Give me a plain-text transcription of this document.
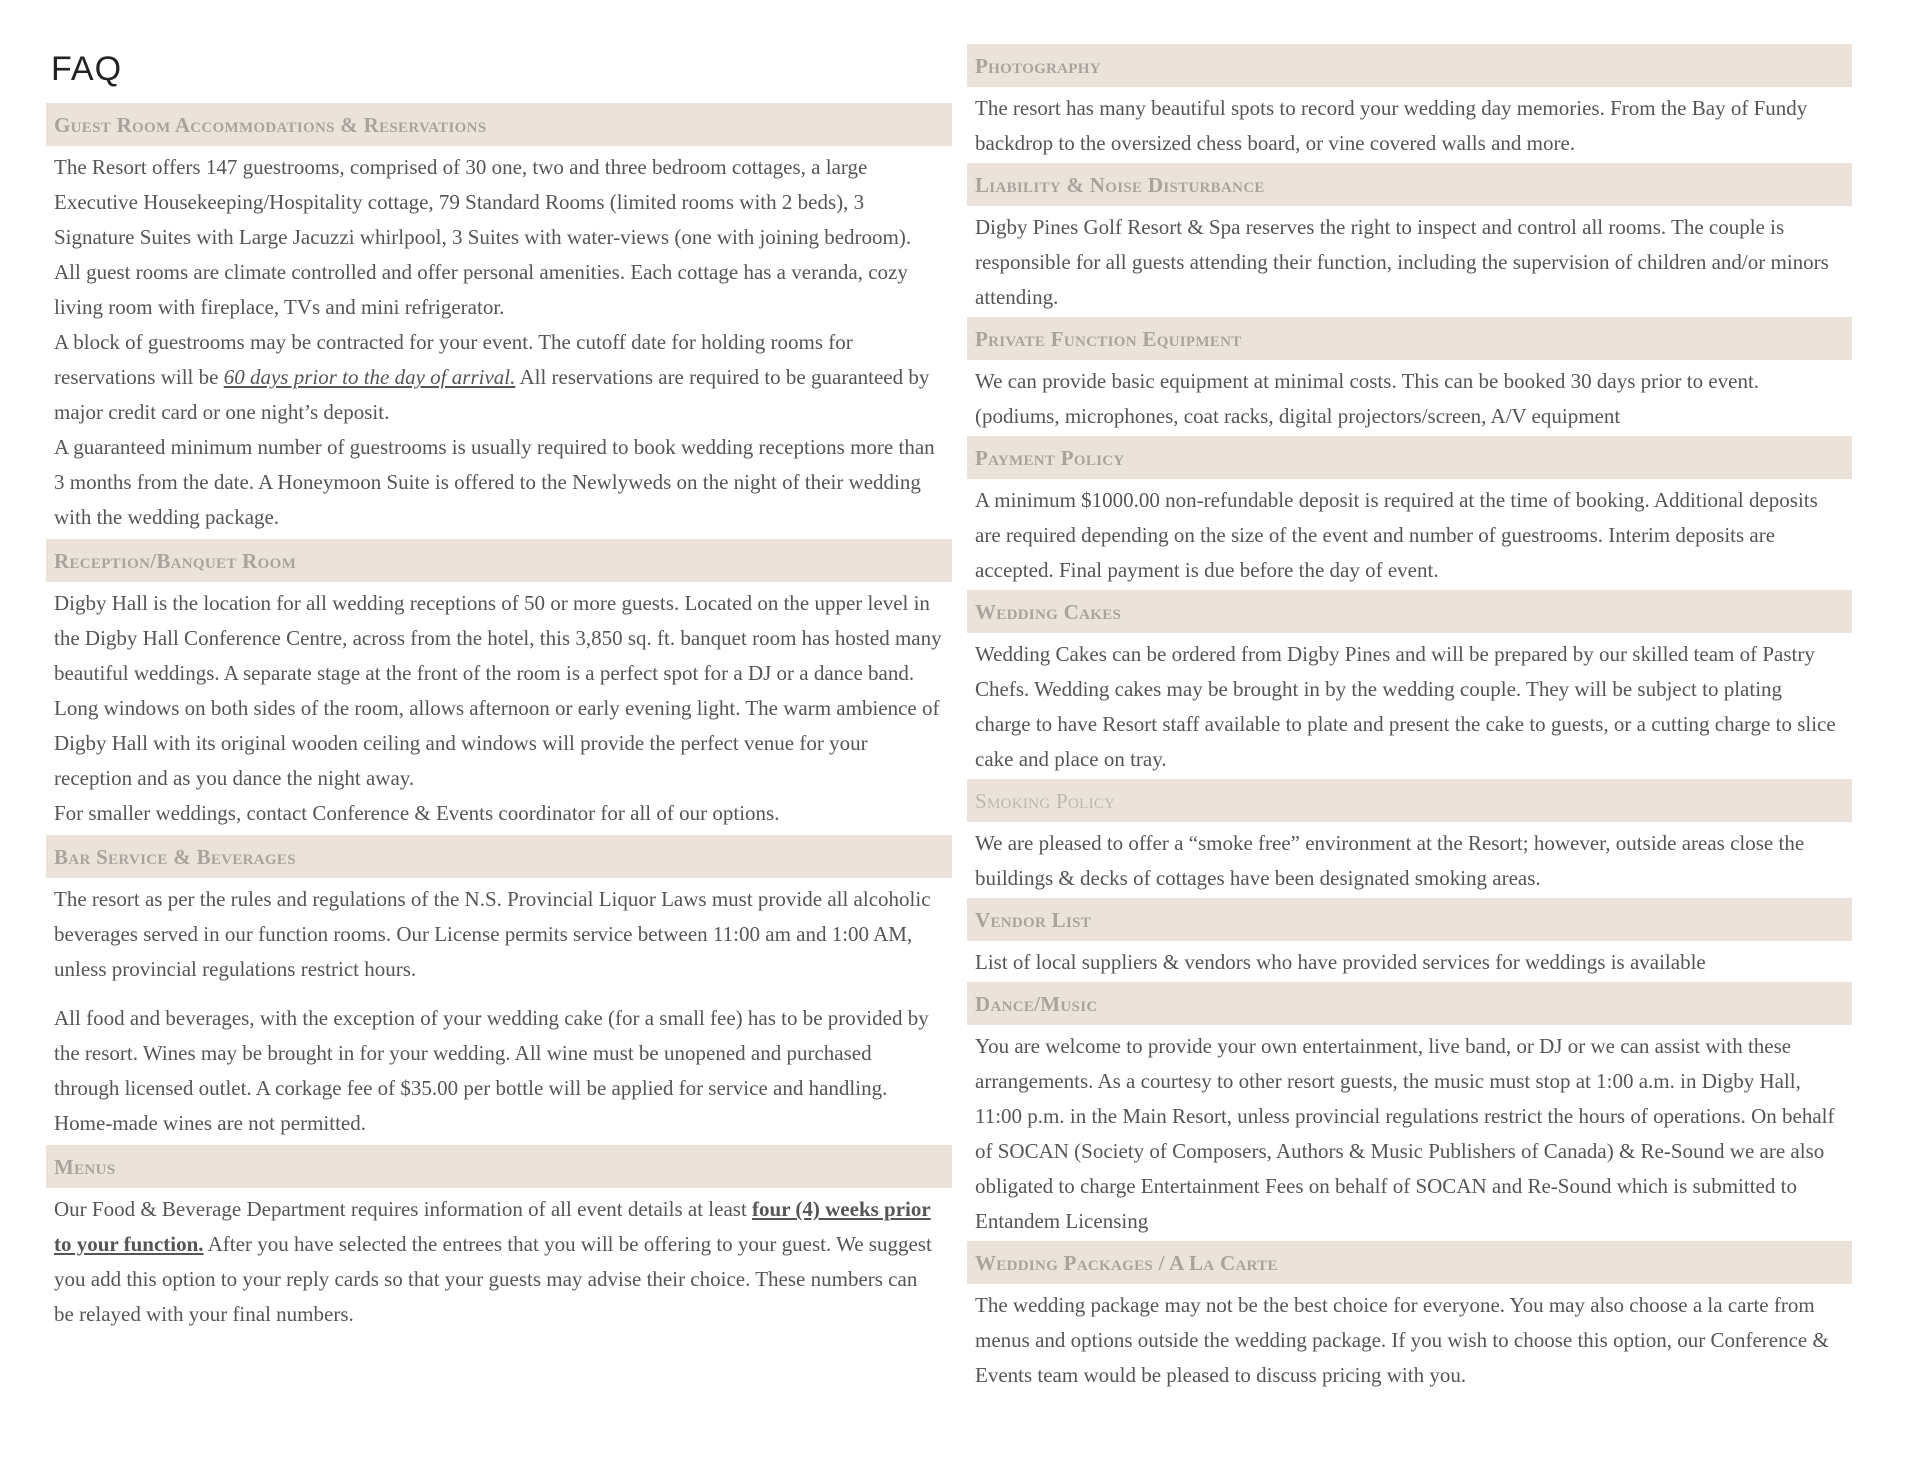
FAQ
Guest Room Accommodations & Reservations

The Resort offers 147 guestrooms, comprised of 30 one, two and three bedroom cottages, a large Executive Housekeeping/Hospitality cottage, 79 Standard Rooms (limited rooms with 2 beds), 3 Signature Suites with Large Jacuzzi whirlpool, 3 Suites with water-views (one with joining bedroom). All guest rooms are climate controlled and offer personal amenities. Each cottage has a veranda, cozy living room with fireplace, TVs and mini refrigerator.

A block of guestrooms may be contracted for your event. The cutoff date for holding rooms for reservations will be 60 days prior to the day of arrival. All reservations are required to be guaranteed by major credit card or one night’s deposit.

A guaranteed minimum number of guestrooms is usually required to book wedding receptions more than 3 months from the date. A Honeymoon Suite is offered to the Newlyweds on the night of their wedding with the wedding package.

Reception/Banquet Room

Digby Hall is the location for all wedding receptions of 50 or more guests. Located on the upper level in the Digby Hall Conference Centre, across from the hotel, this 3,850 sq. ft. banquet room has hosted many beautiful weddings. A separate stage at the front of the room is a perfect spot for a DJ or a dance band. Long windows on both sides of the room, allows afternoon or early evening light. The warm ambience of Digby Hall with its original wooden ceiling and windows will provide the perfect venue for your reception and as you dance the night away.

For smaller weddings, contact Conference & Events coordinator for all of our options.

Bar Service & Beverages

The resort as per the rules and regulations of the N.S. Provincial Liquor Laws must provide all alcoholic beverages served in our function rooms. Our License permits service between 11:00 am and 1:00 AM, unless provincial regulations restrict hours.

All food and beverages, with the exception of your wedding cake (for a small fee) has to be provided by the resort. Wines may be brought in for your wedding. All wine must be unopened and purchased through licensed outlet. A corkage fee of $35.00 per bottle will be applied for service and handling. Home-made wines are not permitted.

Menus

Our Food & Beverage Department requires information of all event details at least four (4) weeks prior to your function. After you have selected the entrees that you will be offering to your guest. We suggest you add this option to your reply cards so that your guests may advise their choice. These numbers can be relayed with your final numbers.

Photography
The resort has many beautiful spots to record your wedding day memories. From the Bay of Fundy backdrop to the oversized chess board, or vine covered walls and more.
Liability & Noise Disturbance
Digby Pines Golf Resort & Spa reserves the right to inspect and control all rooms. The couple is responsible for all guests attending their function, including the supervision of children and/or minors attending.
Private Function Equipment
We can provide basic equipment at minimal costs. This can be booked 30 days prior to event. (podiums, microphones, coat racks, digital projectors/screen, A/V equipment
Payment Policy
A minimum $1000.00 non-refundable deposit is required at the time of booking. Additional deposits are required depending on the size of the event and number of guestrooms. Interim deposits are accepted. Final payment is due before the day of event.
Wedding Cakes
Wedding Cakes can be ordered from Digby Pines and will be prepared by our skilled team of Pastry Chefs. Wedding cakes may be brought in by the wedding couple. They will be subject to plating charge to have Resort staff available to plate and present the cake to guests, or a cutting charge to slice cake and place on tray.
Smoking Policy
We are pleased to offer a “smoke free” environment at the Resort; however, outside areas close the buildings & decks of cottages have been designated smoking areas.
Vendor List
List of local suppliers & vendors who have provided services for weddings is available
Dance/Music
You are welcome to provide your own entertainment, live band, or DJ or we can assist with these arrangements. As a courtesy to other resort guests, the music must stop at 1:00 a.m. in Digby Hall, 11:00 p.m. in the Main Resort, unless provincial regulations restrict the hours of operations. On behalf of SOCAN (Society of Composers, Authors & Music Publishers of Canada) & Re-Sound we are also obligated to charge Entertainment Fees on behalf of SOCAN and Re-Sound which is submitted to Entandem Licensing
Wedding Packages / A La Carte
The wedding package may not be the best choice for everyone. You may also choose a la carte from menus and options outside the wedding package. If you wish to choose this option, our Conference & Events team would be pleased to discuss pricing with you.
